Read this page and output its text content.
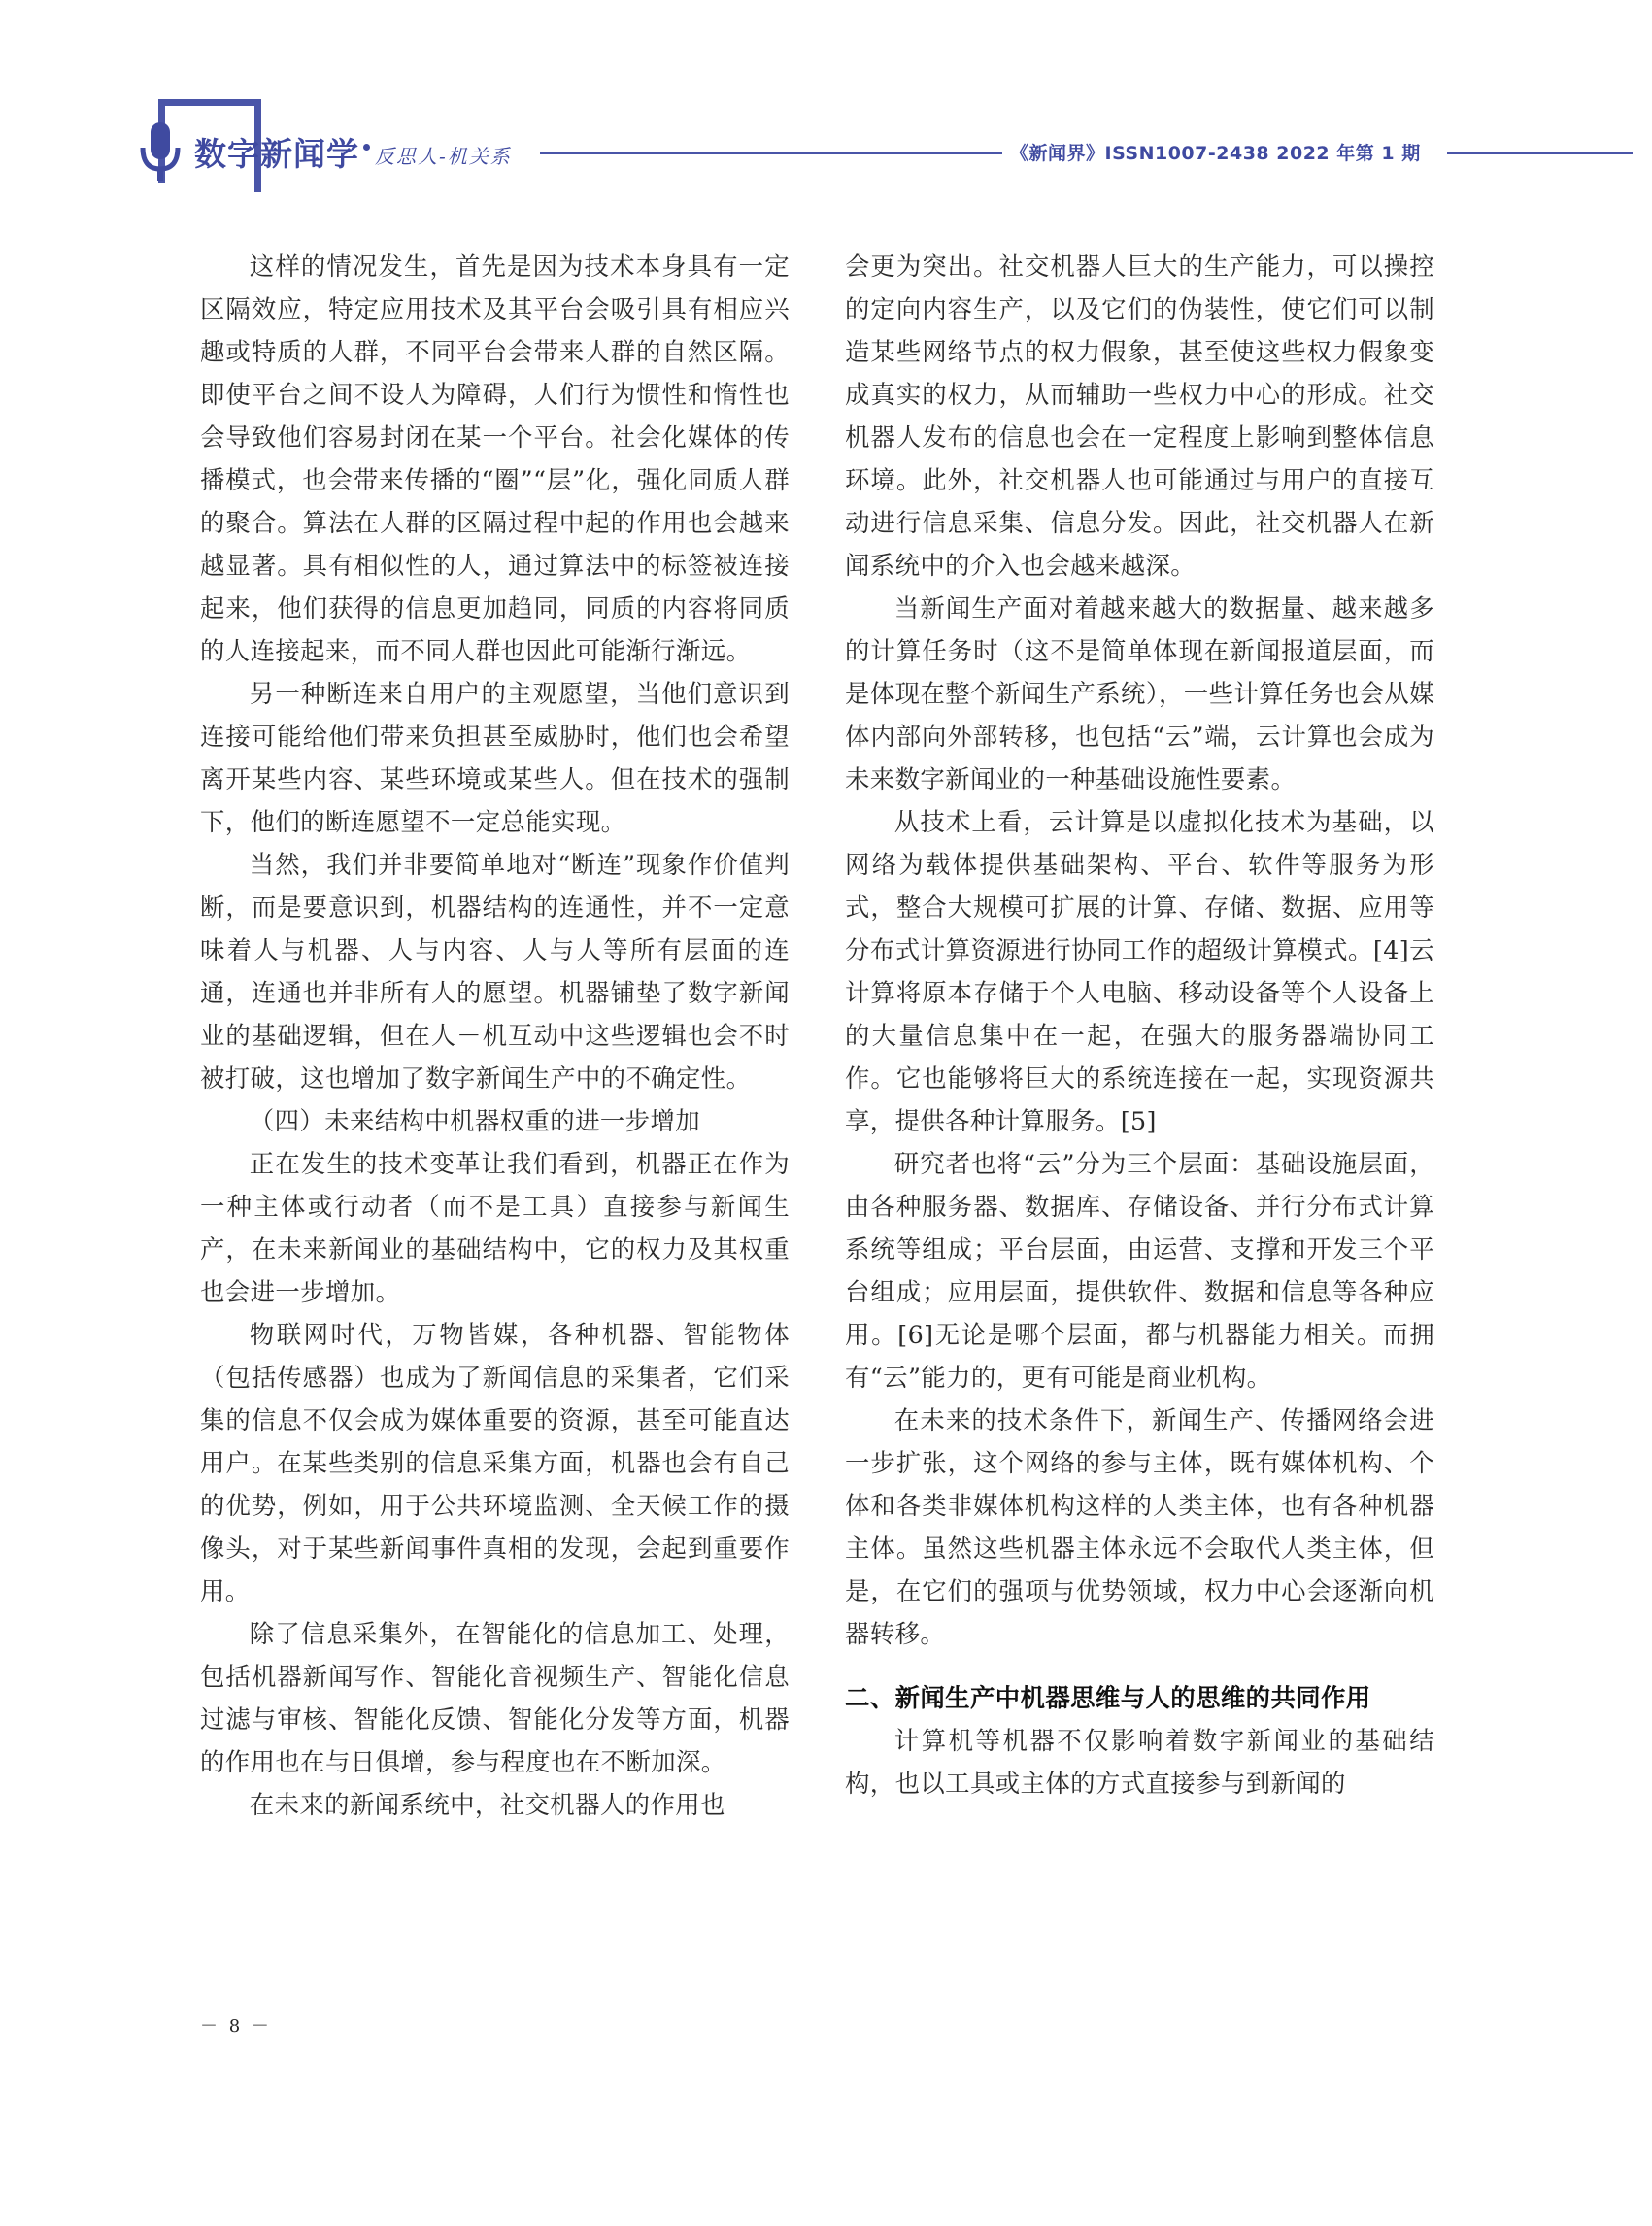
数字新闻学 反思人-机关系	《新闻界》ISSN1007-2438 2022 年第 1 期

这样的情况发生，首先是因为技术本身具有一定区隔效应，特定应用技术及其平台会吸引具有相应兴趣或特质的人群，不同平台会带来人群的自然区隔。即使平台之间不设人为障碍，人们行为惯性和惰性也会导致他们容易封闭在某一个平台。社会化媒体的传播模式，也会带来传播的“圈”“层”化，强化同质人群的聚合。算法在人群的区隔过程中起的作用也会越来越显著。具有相似性的人，通过算法中的标签被连接起来，他们获得的信息更加趋同，同质的内容将同质的人连接起来，而不同人群也因此可能渐行渐远。

另一种断连来自用户的主观愿望，当他们意识到连接可能给他们带来负担甚至威胁时，他们也会希望离开某些内容、某些环境或某些人。但在技术的强制下，他们的断连愿望不一定总能实现。

当然，我们并非要简单地对“断连”现象作价值判断，而是要意识到，机器结构的连通性，并不一定意味着人与机器、人与内容、人与人等所有层面的连通，连通也并非所有人的愿望。机器铺垫了数字新闻业的基础逻辑，但在人－机互动中这些逻辑也会不时被打破，这也增加了数字新闻生产中的不确定性。

（四）未来结构中机器权重的进一步增加

正在发生的技术变革让我们看到，机器正在作为一种主体或行动者（而不是工具）直接参与新闻生产，在未来新闻业的基础结构中，它的权力及其权重也会进一步增加。

物联网时代，万物皆媒，各种机器、智能物体（包括传感器）也成为了新闻信息的采集者，它们采集的信息不仅会成为媒体重要的资源，甚至可能直达用户。在某些类别的信息采集方面，机器也会有自己的优势，例如，用于公共环境监测、全天候工作的摄像头，对于某些新闻事件真相的发现，会起到重要作用。

除了信息采集外，在智能化的信息加工、处理，包括机器新闻写作、智能化音视频生产、智能化信息过滤与审核、智能化反馈、智能化分发等方面，机器的作用也在与日俱增，参与程度也在不断加深。

在未来的新闻系统中，社交机器人的作用也

会更为突出。社交机器人巨大的生产能力，可以操控的定向内容生产，以及它们的伪装性，使它们可以制造某些网络节点的权力假象，甚至使这些权力假象变成真实的权力，从而辅助一些权力中心的形成。社交机器人发布的信息也会在一定程度上影响到整体信息环境。此外，社交机器人也可能通过与用户的直接互动进行信息采集、信息分发。因此，社交机器人在新闻系统中的介入也会越来越深。

当新闻生产面对着越来越大的数据量、越来越多的计算任务时（这不是简单体现在新闻报道层面，而是体现在整个新闻生产系统），一些计算任务也会从媒体内部向外部转移，也包括“云”端，云计算也会成为未来数字新闻业的一种基础设施性要素。

从技术上看，云计算是以虚拟化技术为基础，以网络为载体提供基础架构、平台、软件等服务为形式，整合大规模可扩展的计算、存储、数据、应用等分布式计算资源进行协同工作的超级计算模式。[4]云计算将原本存储于个人电脑、移动设备等个人设备上的大量信息集中在一起，在强大的服务器端协同工作。它也能够将巨大的系统连接在一起，实现资源共享，提供各种计算服务。[5]

研究者也将“云”分为三个层面：基础设施层面，由各种服务器、数据库、存储设备、并行分布式计算系统等组成；平台层面，由运营、支撑和开发三个平台组成；应用层面，提供软件、数据和信息等各种应用。[6]无论是哪个层面，都与机器能力相关。而拥有“云”能力的，更有可能是商业机构。

在未来的技术条件下，新闻生产、传播网络会进一步扩张，这个网络的参与主体，既有媒体机构、个体和各类非媒体机构这样的人类主体，也有各种机器主体。虽然这些机器主体永远不会取代人类主体，但是，在它们的强项与优势领域，权力中心会逐渐向机器转移。

二、新闻生产中机器思维与人的思维的共同作用

计算机等机器不仅影响着数字新闻业的基础结构，也以工具或主体的方式直接参与到新闻的

－ 8 －
